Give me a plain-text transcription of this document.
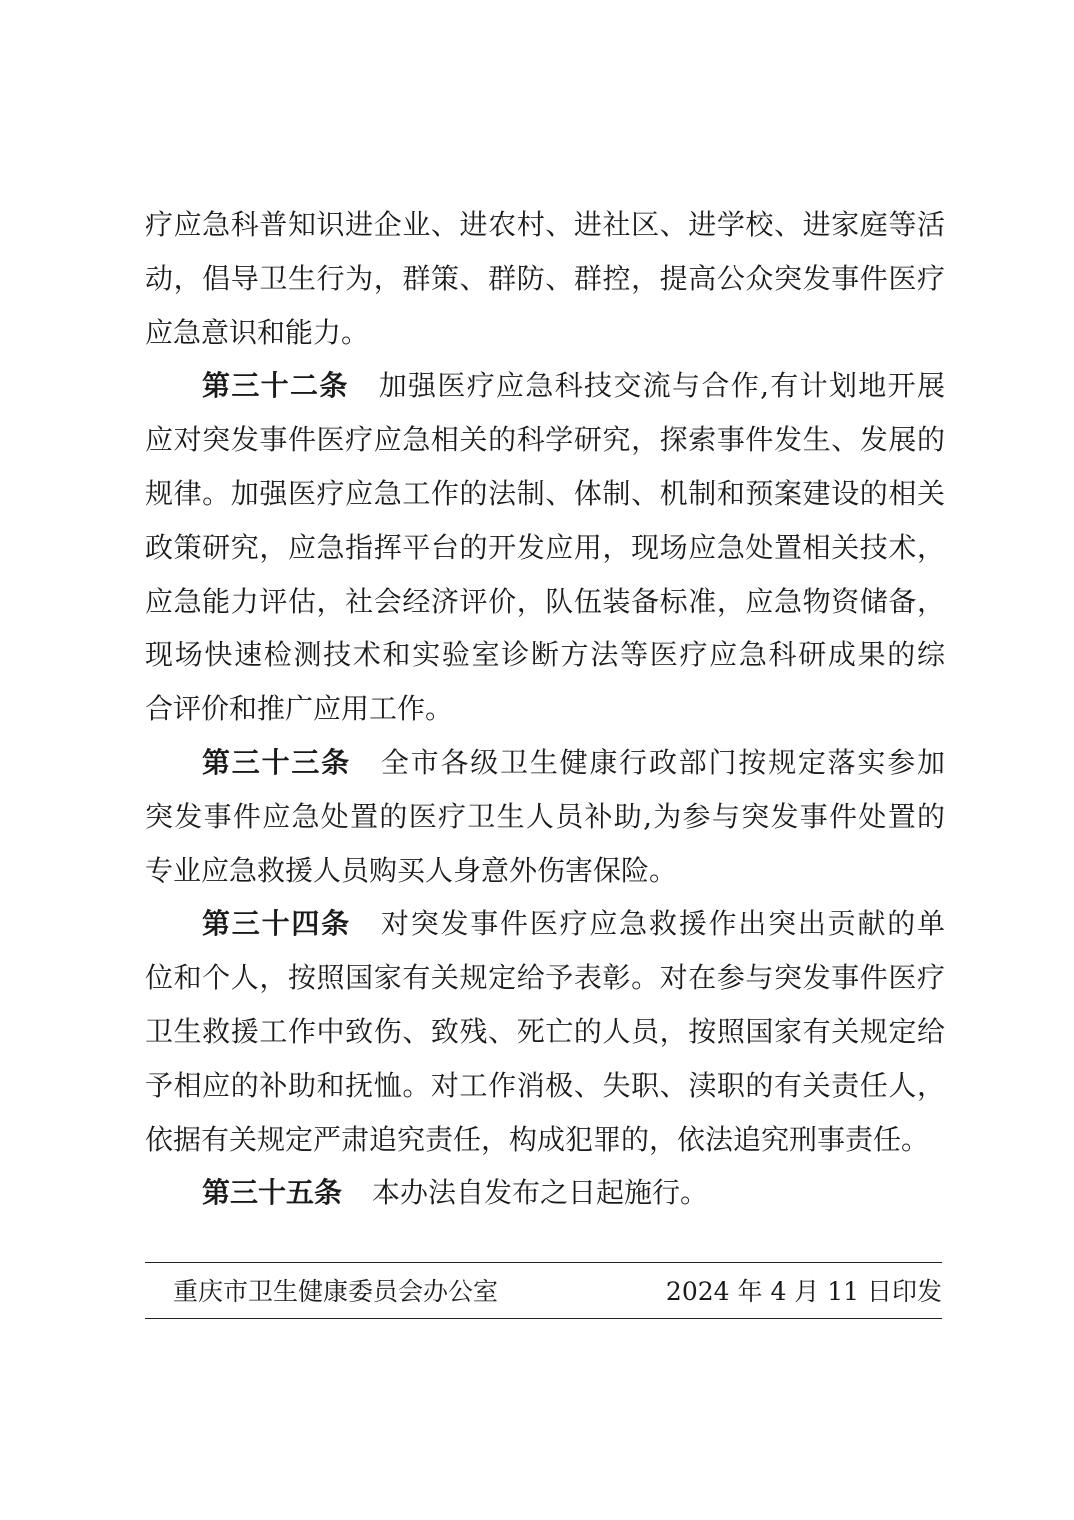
疗应急科普知识进企业、进农村、进社区、进学校、进家庭等活
动，倡导卫生行为，群策、群防、群控，提高公众突发事件医疗
应急意识和能力。
第三十二条 加强医疗应急科技交流与合作,有计划地开展
应对突发事件医疗应急相关的科学研究，探索事件发生、发展的
规律。加强医疗应急工作的法制、体制、机制和预案建设的相关
政策研究，应急指挥平台的开发应用，现场应急处置相关技术，
应急能力评估，社会经济评价，队伍装备标准，应急物资储备，
现场快速检测技术和实验室诊断方法等医疗应急科研成果的综
合评价和推广应用工作。
第三十三条 全市各级卫生健康行政部门按规定落实参加
突发事件应急处置的医疗卫生人员补助,为参与突发事件处置的
专业应急救援人员购买人身意外伤害保险。
第三十四条 对突发事件医疗应急救援作出突出贡献的单
位和个人，按照国家有关规定给予表彰。对在参与突发事件医疗
卫生救援工作中致伤、致残、死亡的人员，按照国家有关规定给
予相应的补助和抚恤。对工作消极、失职、渎职的有关责任人，
依据有关规定严肃追究责任，构成犯罪的，依法追究刑事责任。
第三十五条 本办法自发布之日起施行。
重庆市卫生健康委员会办公室	2024 年 4 月 11 日印发
